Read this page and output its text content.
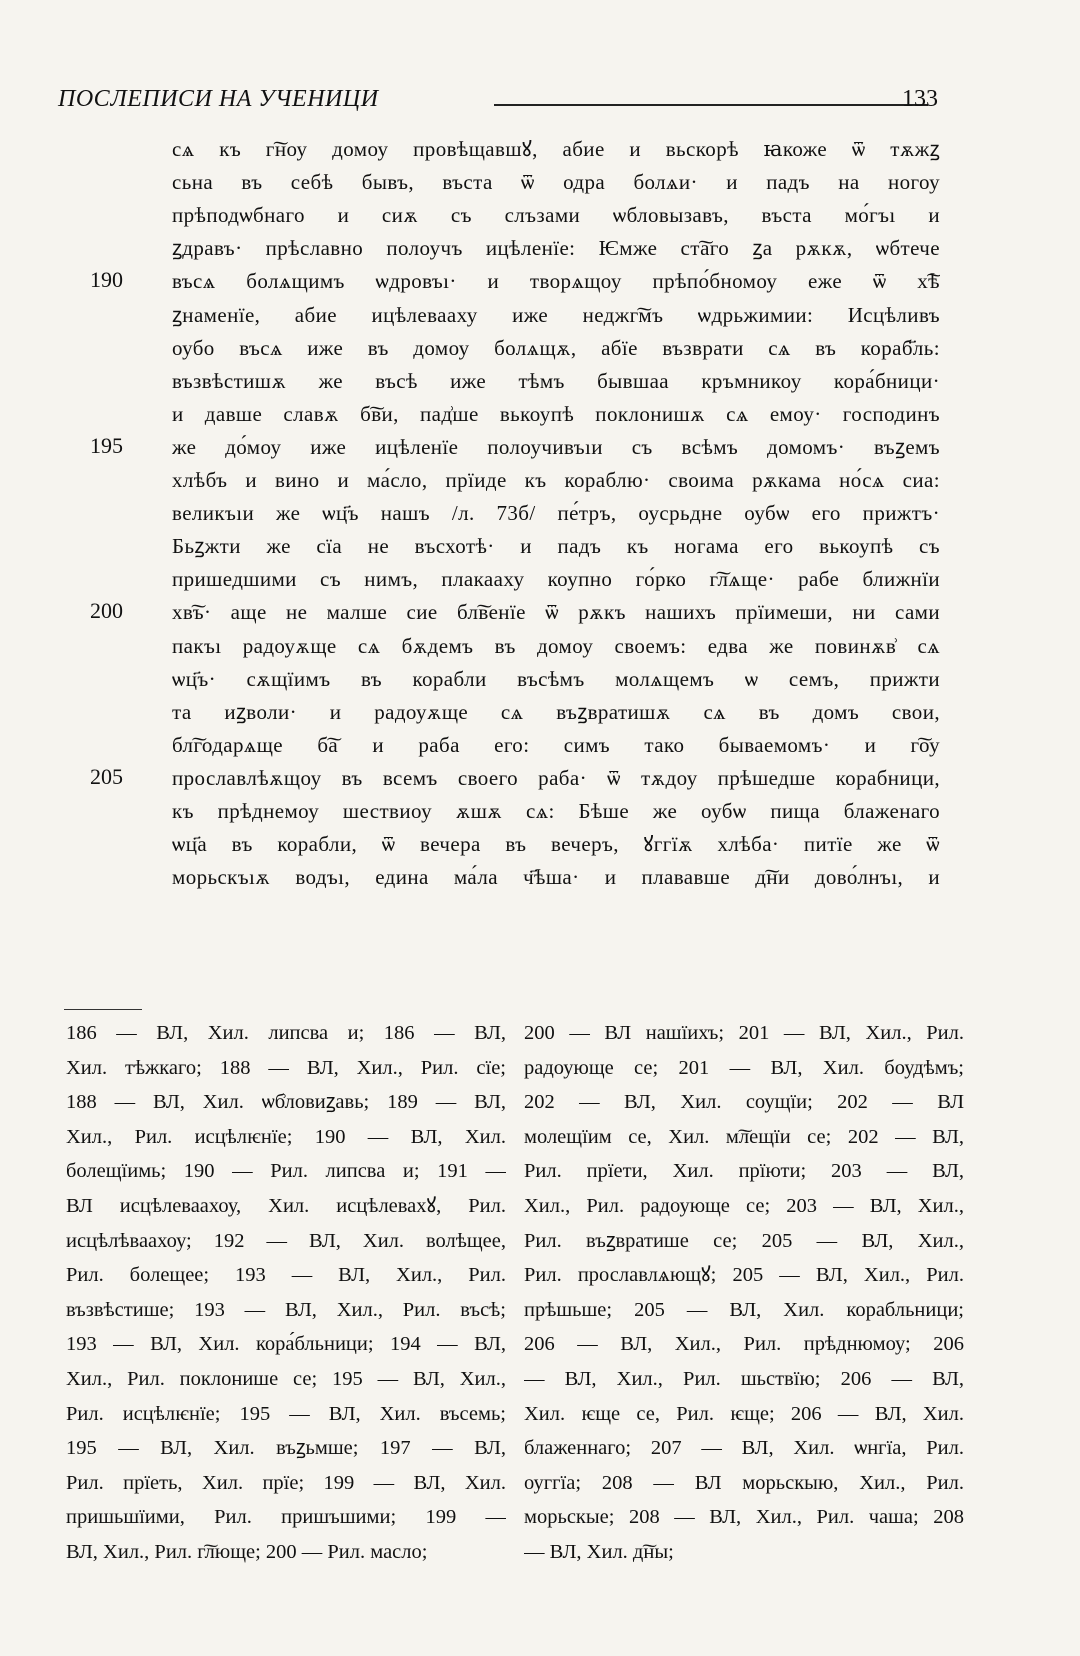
ПОСЛЕПИСИ НА УЧЕНИЦИ	133
190
195
200
205
сѧ къ г͠ноу домоу провѣщавшꙋ, абие и вьскорѣ ꙗкоже ѿ тѫжꙁ
сьна въ себѣ бывъ, въста ѿ одра болѧи· и падъ на ногоу
прѣподѡбнаго и сиѫ съ слъзами ѡбловызавъ, въста мо́гъı и
ꙁдравъ· прѣславно полоучъ ицѣленїе: Ѥмже ст͠аго ꙁа рѫкѫ, ѡбтече
въсѧ болѧщимъ ѡдровъı· и творѧщоу прѣпо́бномоу еже ѿ х͠ѣ
ꙁнаменїе, абие ицѣлевааху иже неджг͠мъ ѡдрьжимии: Исцѣливъ
оубо въсѧ иже въ домоу болѧщѫ, абїе възврати сѧ въ кораб҃ль:
възвѣстишѫ же въсѣ иже тѣмъ бывшаа кръмникоу кора́бници·
и давше славѫ б͠ви, пад͗ше вькоупѣ поклонишѫ сѧ емоу· господинъ
же до́моу иже ицѣленїе полоучивъıи съ всѣмъ домомъ· въꙁемъ
хлѣбъ и вино и ма́сло, прїиде къ кораблю· своима рѫкама но́сѧ сиа:
великъıи же ѡц҃ъ нашъ /л. 73б/ пе́тръ, оусрьдне оубѡ его прижтъ·
Бьꙁжти же сїа не въсхотѣ· и падъ къ ногама его вькоупѣ съ
пришедшими съ нимъ, плакааху коупно го́рко г͠лѧще· рабе ближнїи
хв͠ъ· аще не малше сие бл͠венїе ѿ рѫкъ нашихъ прїимеши, ни сами
пакъı радоуѫще сѧ бѫдемъ въ домоу своемъ: едва же повинѫв͗ сѧ
ѡц҃ъ· сѫщїимъ въ корабли въсѣмъ молѧщемъ ѡ семъ, прижти
та иꙁволи· и радоуѫще сѧ въꙁвратишѫ сѧ въ домъ свои,
бл͠годарѧще б͠а и раба его: симъ тако бываемомъ· и г͠оу
прославлѣѫщоу въ всемъ своего раба· ѿ тѫдоу прѣшедше корабници,
къ прѣднемоу шествиоу ѫшѫ сѧ: Бѣше же оубѡ пища блаженаго
ѡц҃а въ корабли, ѿ вечера въ вечеръ, ꙋггїѫ хлѣба· питїе же ѿ
морьскъıѫ водъı, едина ма́ла ч҃ѣша· и плававше д͠ни дово́лнъı, и
186 — ВЛ, Хил. липсва и; 186 — ВЛ,
Хил. тѣжкаго; 188 — ВЛ, Хил., Рил. сїе;
188 — ВЛ, Хил. ѡб͗ловиꙁавь; 189 — ВЛ,
Хил., Рил. исцѣлѥнїе; 190 — ВЛ, Хил.
болещїимь; 190 — Рил. липсва и; 191 —
ВЛ исцѣлеваахоу, Хил. исцѣлевахꙋ, Рил.
исцѣлѣваахоу; 192 — ВЛ, Хил. волѣщее,
Рил. болещее; 193 — ВЛ, Хил., Рил.
възвѣстише; 193 — ВЛ, Хил., Рил. въсѣ;
193 — ВЛ, Хил. кора́бльници; 194 — ВЛ,
Хил., Рил. поклонише се; 195 — ВЛ, Хил.,
Рил. исцѣлѥнїе; 195 — ВЛ, Хил. въсемь;
195 — ВЛ, Хил. въꙁьмше; 197 — ВЛ,
Рил. прїеть, Хил. прїе; 199 — ВЛ, Хил.
пришьшїими, Рил. пришъшими; 199 —
ВЛ, Хил., Рил. г͠люще; 200 — Рил. масло;
200 — ВЛ нашїихъ; 201 — ВЛ, Хил., Рил.
радоующе се; 201 — ВЛ, Хил. боудѣмъ;
202 — ВЛ, Хил. соущїи; 202 — ВЛ
молещїим се, Хил. м͠лещїи се; 202 — ВЛ,
Рил. прїети, Хил. прїюти; 203 — ВЛ,
Хил., Рил. радоующе се; 203 — ВЛ, Хил.,
Рил. въꙁвратише се; 205 — ВЛ, Хил.,
Рил. прославлѧющꙋ; 205 — ВЛ, Хил., Рил.
прѣшьше; 205 — ВЛ, Хил. корабльници;
206 — ВЛ, Хил., Рил. прѣднюмоу; 206
— ВЛ, Хил., Рил. шьствїю; 206 — ВЛ,
Хил. ѥще се, Рил. ѥще; 206 — ВЛ, Хил.
блаженнаго; 207 — ВЛ, Хил. ѡнгїа, Рил.
оуггїа; 208 — ВЛ морьскыю, Хил., Рил.
морьскые; 208 — ВЛ, Хил., Рил. чаша; 208
— ВЛ, Хил. д͠ны;
